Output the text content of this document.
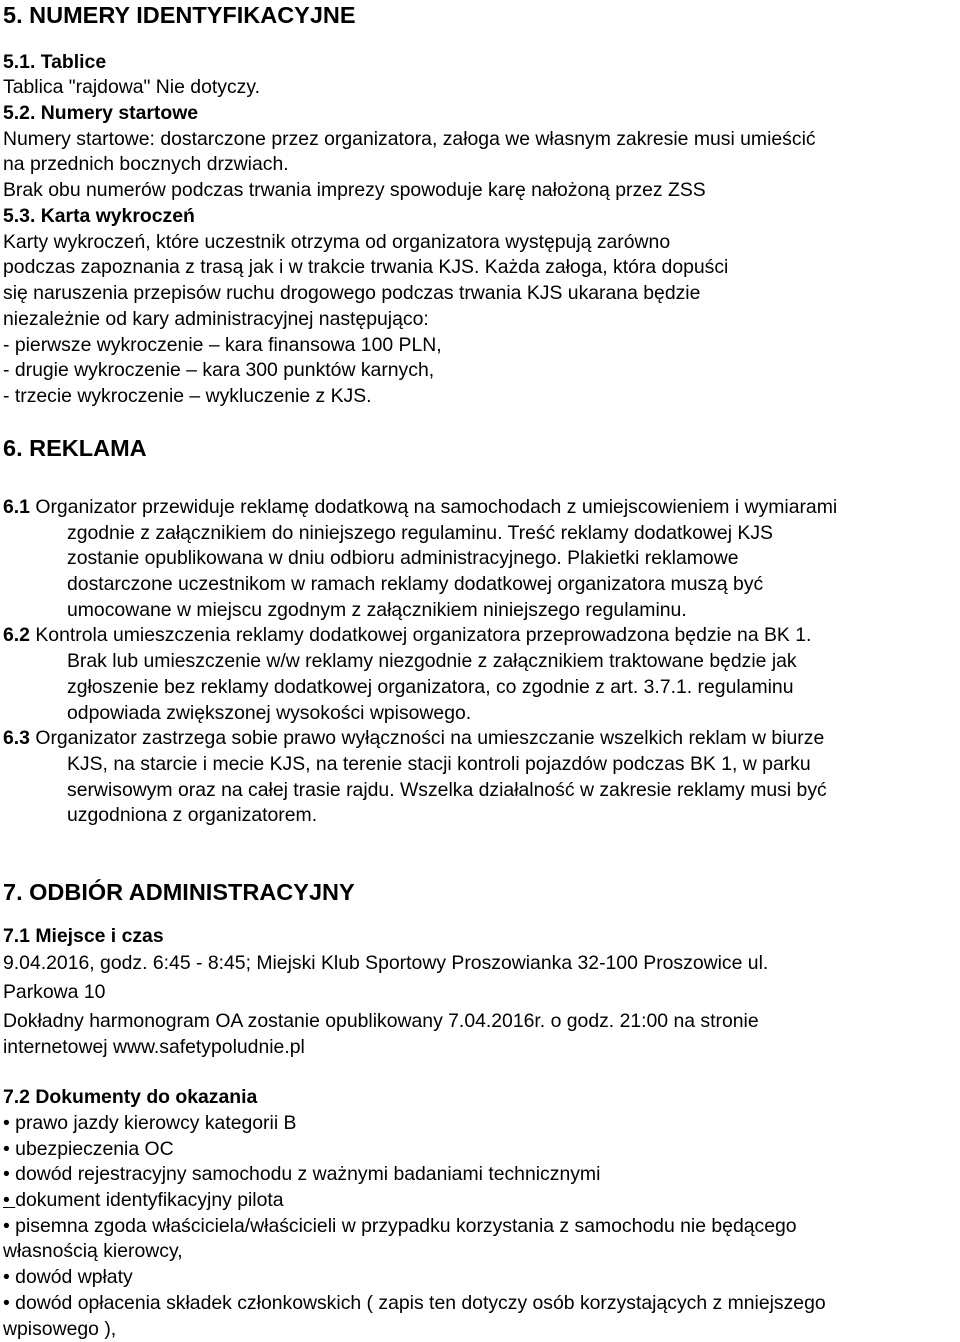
5. NUMERY IDENTYFIKACYJNE
5.1. Tablice
Tablica "rajdowa" Nie dotyczy.
5.2. Numery startowe
Numery startowe: dostarczone przez organizatora, załoga we własnym zakresie musi umieścić
na przednich bocznych drzwiach.
Brak obu numerów podczas trwania imprezy spowoduje karę nałożoną przez ZSS
5.3. Karta wykroczeń
Karty wykroczeń, które uczestnik otrzyma od organizatora występują zarówno
podczas zapoznania z trasą jak i w trakcie trwania KJS. Każda załoga, która dopuści
się naruszenia przepisów ruchu drogowego podczas trwania KJS ukarana będzie
niezależnie od kary administracyjnej następująco:
- pierwsze wykroczenie – kara finansowa 100 PLN,
- drugie wykroczenie – kara 300 punktów karnych,
- trzecie wykroczenie – wykluczenie z KJS.
6. REKLAMA
6.1 Organizator przewiduje reklamę dodatkową na samochodach z umiejscowieniem i wymiarami
zgodnie z załącznikiem do niniejszego regulaminu. Treść reklamy dodatkowej KJS
zostanie opublikowana w dniu odbioru administracyjnego. Plakietki reklamowe
dostarczone uczestnikom w ramach reklamy dodatkowej organizatora muszą być
umocowane w miejscu zgodnym z załącznikiem niniejszego regulaminu.
6.2 Kontrola umieszczenia reklamy dodatkowej organizatora przeprowadzona będzie na BK 1.
Brak lub umieszczenie w/w reklamy niezgodnie z załącznikiem traktowane będzie jak
zgłoszenie bez reklamy dodatkowej organizatora, co zgodnie z art. 3.7.1. regulaminu
odpowiada zwiększonej wysokości wpisowego.
6.3 Organizator zastrzega sobie prawo wyłączności na umieszczanie wszelkich reklam w biurze
KJS, na starcie i mecie KJS, na terenie stacji kontroli pojazdów podczas BK 1, w parku
serwisowym oraz na całej trasie rajdu. Wszelka działalność w zakresie reklamy musi być
uzgodniona z organizatorem.
7. ODBIÓR ADMINISTRACYJNY
7.1 Miejsce i czas
9.04.2016, godz. 6:45 - 8:45; Miejski Klub Sportowy Proszowianka 32-100 Proszowice ul.
Parkowa 10
Dokładny harmonogram OA zostanie opublikowany 7.04.2016r. o godz. 21:00 na stronie
internetowej www.safetypoludnie.pl
7.2 Dokumenty do okazania
• prawo jazdy kierowcy kategorii B
• ubezpieczenia OC
• dowód rejestracyjny samochodu z ważnymi badaniami technicznymi
• dokument identyfikacyjny pilota
• pisemna zgoda właściciela/właścicieli w przypadku korzystania z samochodu nie będącego
własnością kierowcy,
• dowód wpłaty
• dowód opłacenia składek członkowskich ( zapis ten dotyczy osób korzystających z mniejszego
wpisowego ),
